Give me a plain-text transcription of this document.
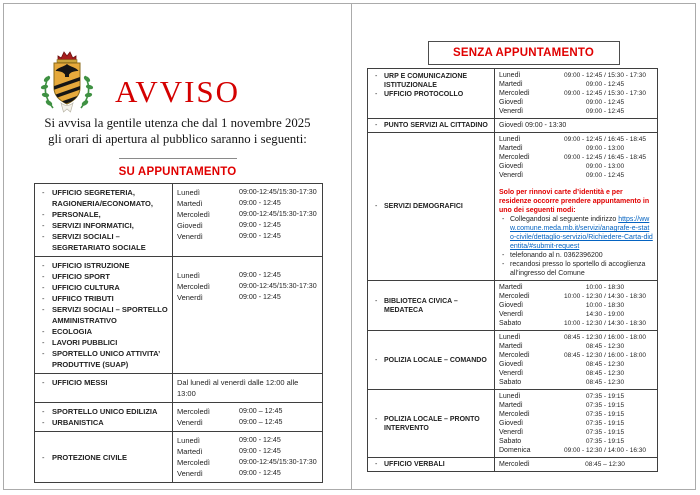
AVVISO

Si avvisa la gentile utenza che dal 1 novembre 2025
gli orari di apertura al pubblico saranno i seguenti:

SU APPUNTAMENTO
- UFFICIO SEGRETERIA, RAGIONERIA/ECONOMATO,
- PERSONALE,
- SERVIZI INFORMATICI,
- SERVIZI SOCIALI – SEGRETARIATO SOCIALE

Lunedì	09:00-12:45/15:30-17:30
Martedì	09:00 - 12:45
Mercoledì	09:00-12:45/15:30-17:30
Giovedì	09:00 - 12:45
Venerdì	09:00 - 12:45

- UFFICIO ISTRUZIONE
- UFFICIO SPORT
- UFFICIO CULTURA
- UFFIICO TRIBUTI
- SERVIZI SOCIALI – SPORTELLO AMMINISTRATIVO
- ECOLOGIA
- LAVORI PUBBLICI
- SPORTELLO UNICO ATTIVITA’ PRODUTTIVE (SUAP)

Lunedì	09:00 - 12:45
Mercoledì	09:00-12:45/15:30-17:30
Venerdì	09:00 - 12:45

- UFFICIO MESSI	Dal lunedì al venerdì dalle 12:00 alle 13:00

- SPORTELLO UNICO EDILIZIA
- URBANISTICA

Mercoledì	09:00 – 12:45
Venerdì	09:00 – 12:45

- PROTEZIONE CIVILE

Lunedì	09:00 - 12:45
Martedì	09:00 - 12:45
Mercoledì	09:00-12:45/15:30-17:30
Venerdì	09:00 - 12:45
SENZA APPUNTAMENTO
- URP E COMUNICAZIONE ISTITUZIONALE
- UFFICIO PROTOCOLLO

Lunedì	09:00 - 12:45 / 15:30 - 17:30
Martedì	09:00 - 12:45
Mercoledì	09:00 - 12:45 / 15:30 - 17:30
Giovedì	09:00 - 12:45
Venerdì	09:00 - 12:45

- PUNTO SERVIZI AL CITTADINO	Giovedì 09:00 - 13:30

- SERVIZI DEMOGRAFICI

Lunedì	09:00 - 12:45 / 16:45 - 18:45
Martedì	09:00 - 13:00
Mercoledì	09:00 - 12:45 / 16:45 - 18:45
Giovedì	09:00 - 13:00
Venerdì	09:00 - 12:45
Solo per rinnovi carte d’identità e per residenze occorre prendere appuntamento in uno dei seguenti modi:
- Collegandosi al seguente indirizzo https://www.comune.meda.mb.it/servizi/anagrafe-e-stato-civile/dettaglio-servizio/Richiedere-Carta-didentita/#submit-request
- telefonando al n. 0362396200
- recandosi presso lo sportello di accoglienza all’ingresso del Comune

- BIBLIOTECA CIVICA – MEDATECA

Martedì	10:00 - 18:30
Mercoledì	10:00 - 12:30 / 14:30 - 18:30
Giovedì	10:00 - 18:30
Venerdì	14:30 - 19:00
Sabato	10:00 - 12:30 / 14:30 - 18:30

- POLIZIA LOCALE – COMANDO

Lunedì	08:45 - 12:30 / 16:00 - 18:00
Martedì	08:45 - 12:30
Mercoledì	08:45 - 12:30 / 16:00 - 18:00
Giovedì	08:45 - 12:30
Venerdì	08:45 - 12:30
Sabato	08:45 - 12:30

- POLIZIA LOCALE – PRONTO INTERVENTO

Lunedì	07:35 - 19:15
Martedì	07:35 - 19:15
Mercoledì	07:35 - 19:15
Giovedì	07:35 - 19:15
Venerdì	07:35 - 19:15
Sabato	07:35 - 19:15
Domenica	09:00 - 12:30 / 14:00 - 16:30

- UFFICIO VERBALI	Mercoledì 08:45 – 12:30
